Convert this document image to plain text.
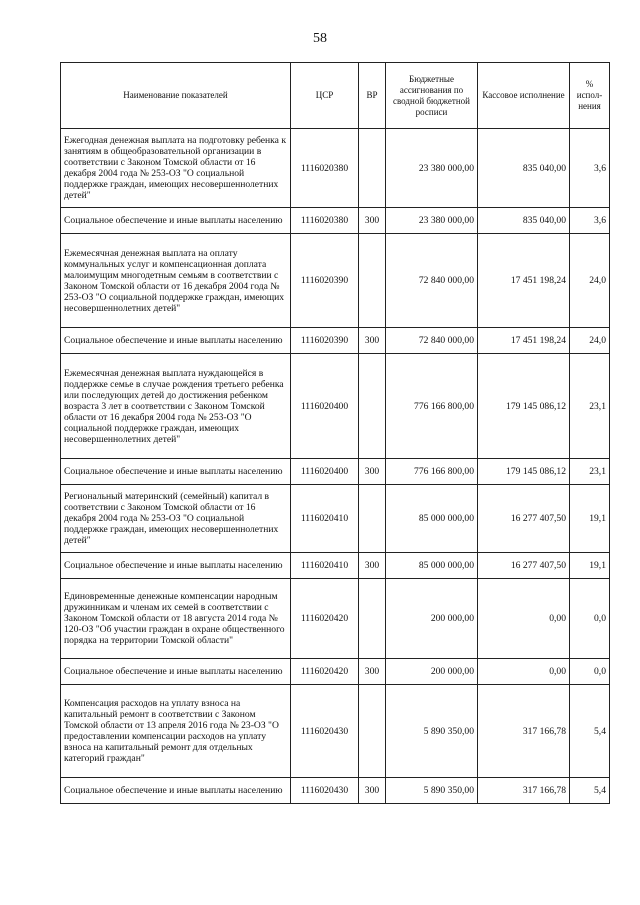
58
Наименование показателей	ЦСР	ВР	Бюджетные ассигнования по сводной бюджетной росписи	Кассовое исполнение	% испол-нения
Ежегодная денежная выплата на подготовку ребенка к занятиям в общеобразовательной организации в соответствии с Законом Томской области от 16 декабря 2004 года № 253-ОЗ "О социальной поддержке граждан, имеющих несовершеннолетних детей"	1116020380		23 380 000,00	835 040,00	3,6
Социальное обеспечение и иные выплаты населению	1116020380	300	23 380 000,00	835 040,00	3,6
Ежемесячная денежная выплата на оплату коммунальных услуг и компенсационная доплата малоимущим многодетным семьям в соответствии с Законом Томской области от 16 декабря 2004 года № 253-ОЗ "О социальной поддержке граждан, имеющих несовершеннолетних детей"	1116020390		72 840 000,00	17 451 198,24	24,0
Социальное обеспечение и иные выплаты населению	1116020390	300	72 840 000,00	17 451 198,24	24,0
Ежемесячная денежная выплата нуждающейся в поддержке семье в случае рождения третьего ребенка или последующих детей до достижения ребенком возраста 3 лет в соответствии с Законом Томской области от 16 декабря 2004 года № 253-ОЗ "О социальной поддержке граждан, имеющих несовершеннолетних детей"	1116020400		776 166 800,00	179 145 086,12	23,1
Социальное обеспечение и иные выплаты населению	1116020400	300	776 166 800,00	179 145 086,12	23,1
Региональный материнский (семейный) капитал в соответствии с Законом Томской области от 16 декабря 2004 года № 253-ОЗ "О социальной поддержке граждан, имеющих несовершеннолетних детей"	1116020410		85 000 000,00	16 277 407,50	19,1
Социальное обеспечение и иные выплаты населению	1116020410	300	85 000 000,00	16 277 407,50	19,1
Единовременные денежные компенсации народным дружинникам и членам их семей в соответствии с Законом Томской области от 18 августа 2014 года № 120-ОЗ "Об участии граждан в охране общественного порядка на территории Томской области"	1116020420		200 000,00	0,00	0,0
Социальное обеспечение и иные выплаты населению	1116020420	300	200 000,00	0,00	0,0
Компенсация расходов на уплату взноса на капитальный ремонт в соответствии с Законом Томской области от 13 апреля 2016 года № 23-ОЗ "О предоставлении компенсации расходов на уплату взноса на капитальный ремонт для отдельных категорий граждан"	1116020430		5 890 350,00	317 166,78	5,4
Социальное обеспечение и иные выплаты населению	1116020430	300	5 890 350,00	317 166,78	5,4
